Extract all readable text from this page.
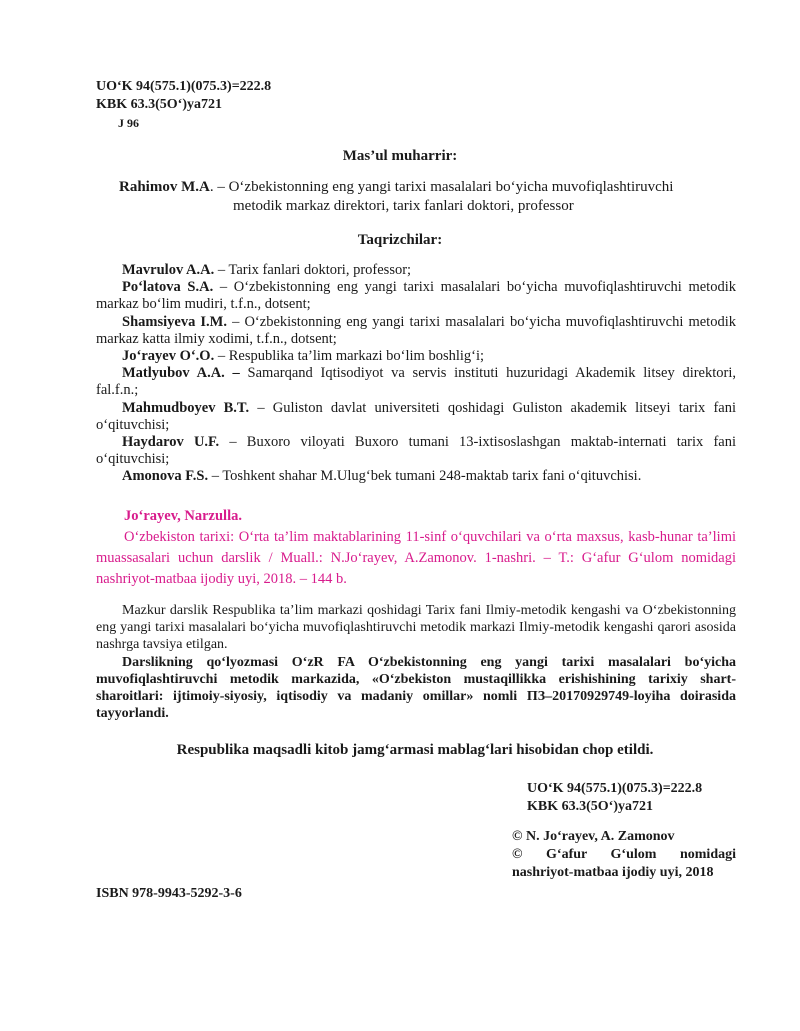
UO‘K 94(575.1)(075.3)=222.8
KBK 63.3(5O‘)ya721
J 96
Mas’ul muharrir:
Rahimov M.A. – O‘zbekistonning eng yangi tarixi masalalari bo‘yicha muvofiqlashtiruvchi
metodik markaz direktori, tarix fanlari doktori, professor
Taqrizchilar:

Mavrulov A.A. – Tarix fanlari doktori, professor;

Po‘latova S.A. – O‘zbekistonning eng yangi tarixi masalalari bo‘yicha muvofiqlashtiruvchi metodik markaz bo‘lim mudiri, t.f.n., dotsent;

Shamsiyeva I.M. – O‘zbekistonning eng yangi tarixi masalalari bo‘yicha muvofiqlashtiruvchi metodik markaz katta ilmiy xodimi, t.f.n., dotsent;

Jo‘rayev O‘.O. – Respublika ta’lim markazi bo‘lim boshlig‘i;

Matlyubov A.A. – Samarqand Iqtisodiyot va servis instituti huzuridagi Akademik litsey direktori, fal.f.n.;

Mahmudboyev B.T. – Guliston davlat universiteti qoshidagi Guliston akademik litseyi tarix fani o‘qituvchisi;

Haydarov U.F. – Buxoro viloyati Buxoro tumani 13-ixtisoslashgan maktab-internati tarix fani o‘qituvchisi;

Amonova F.S. – Toshkent shahar M.Ulug‘bek tumani 248-maktab tarix fani o‘qituvchisi.

Jo‘rayev, Narzulla.
O‘zbekiston tarixi: O‘rta ta’lim maktablarining 11-sinf o‘quvchilari va o‘rta maxsus, kasb-hunar ta’limi muassasalari uchun darslik / Muall.: N.Jo‘rayev, A.Zamonov. 1-nashri. – T.: G‘afur G‘ulom nomidagi nashriyot-matbaa ijodiy uyi, 2018. – 144 b.

Mazkur darslik Respublika ta’lim markazi qoshidagi Tarix fani Ilmiy-metodik kengashi va O‘zbekistonning eng yangi tarixi masalalari bo‘yicha muvofiqlashtiruvchi metodik markazi Ilmiy-metodik kengashi qarori asosida nashrga tavsiya etilgan.

Darslikning qo‘lyozmasi O‘zR FA O‘zbekistonning eng yangi tarixi masalalari bo‘yicha muvofiqlashtiruvchi metodik markazida, «O‘zbekiston mustaqillikka erishishining tarixiy shart-sharoitlari: ijtimoiy-siyosiy, iqtisodiy va madaniy omillar» nomli ПЗ–20170929749-loyiha doirasida tayyorlandi.

Respublika maqsadli kitob jamg‘armasi mablag‘lari hisobidan chop etildi.
UO‘K 94(575.1)(075.3)=222.8
KBK 63.3(5O‘)ya721
© N. Jo‘rayev, A. Zamonov
© G‘afur G‘ulom nomidagi nashriyot-matbaa ijodiy uyi, 2018
ISBN 978-9943-5292-3-6
